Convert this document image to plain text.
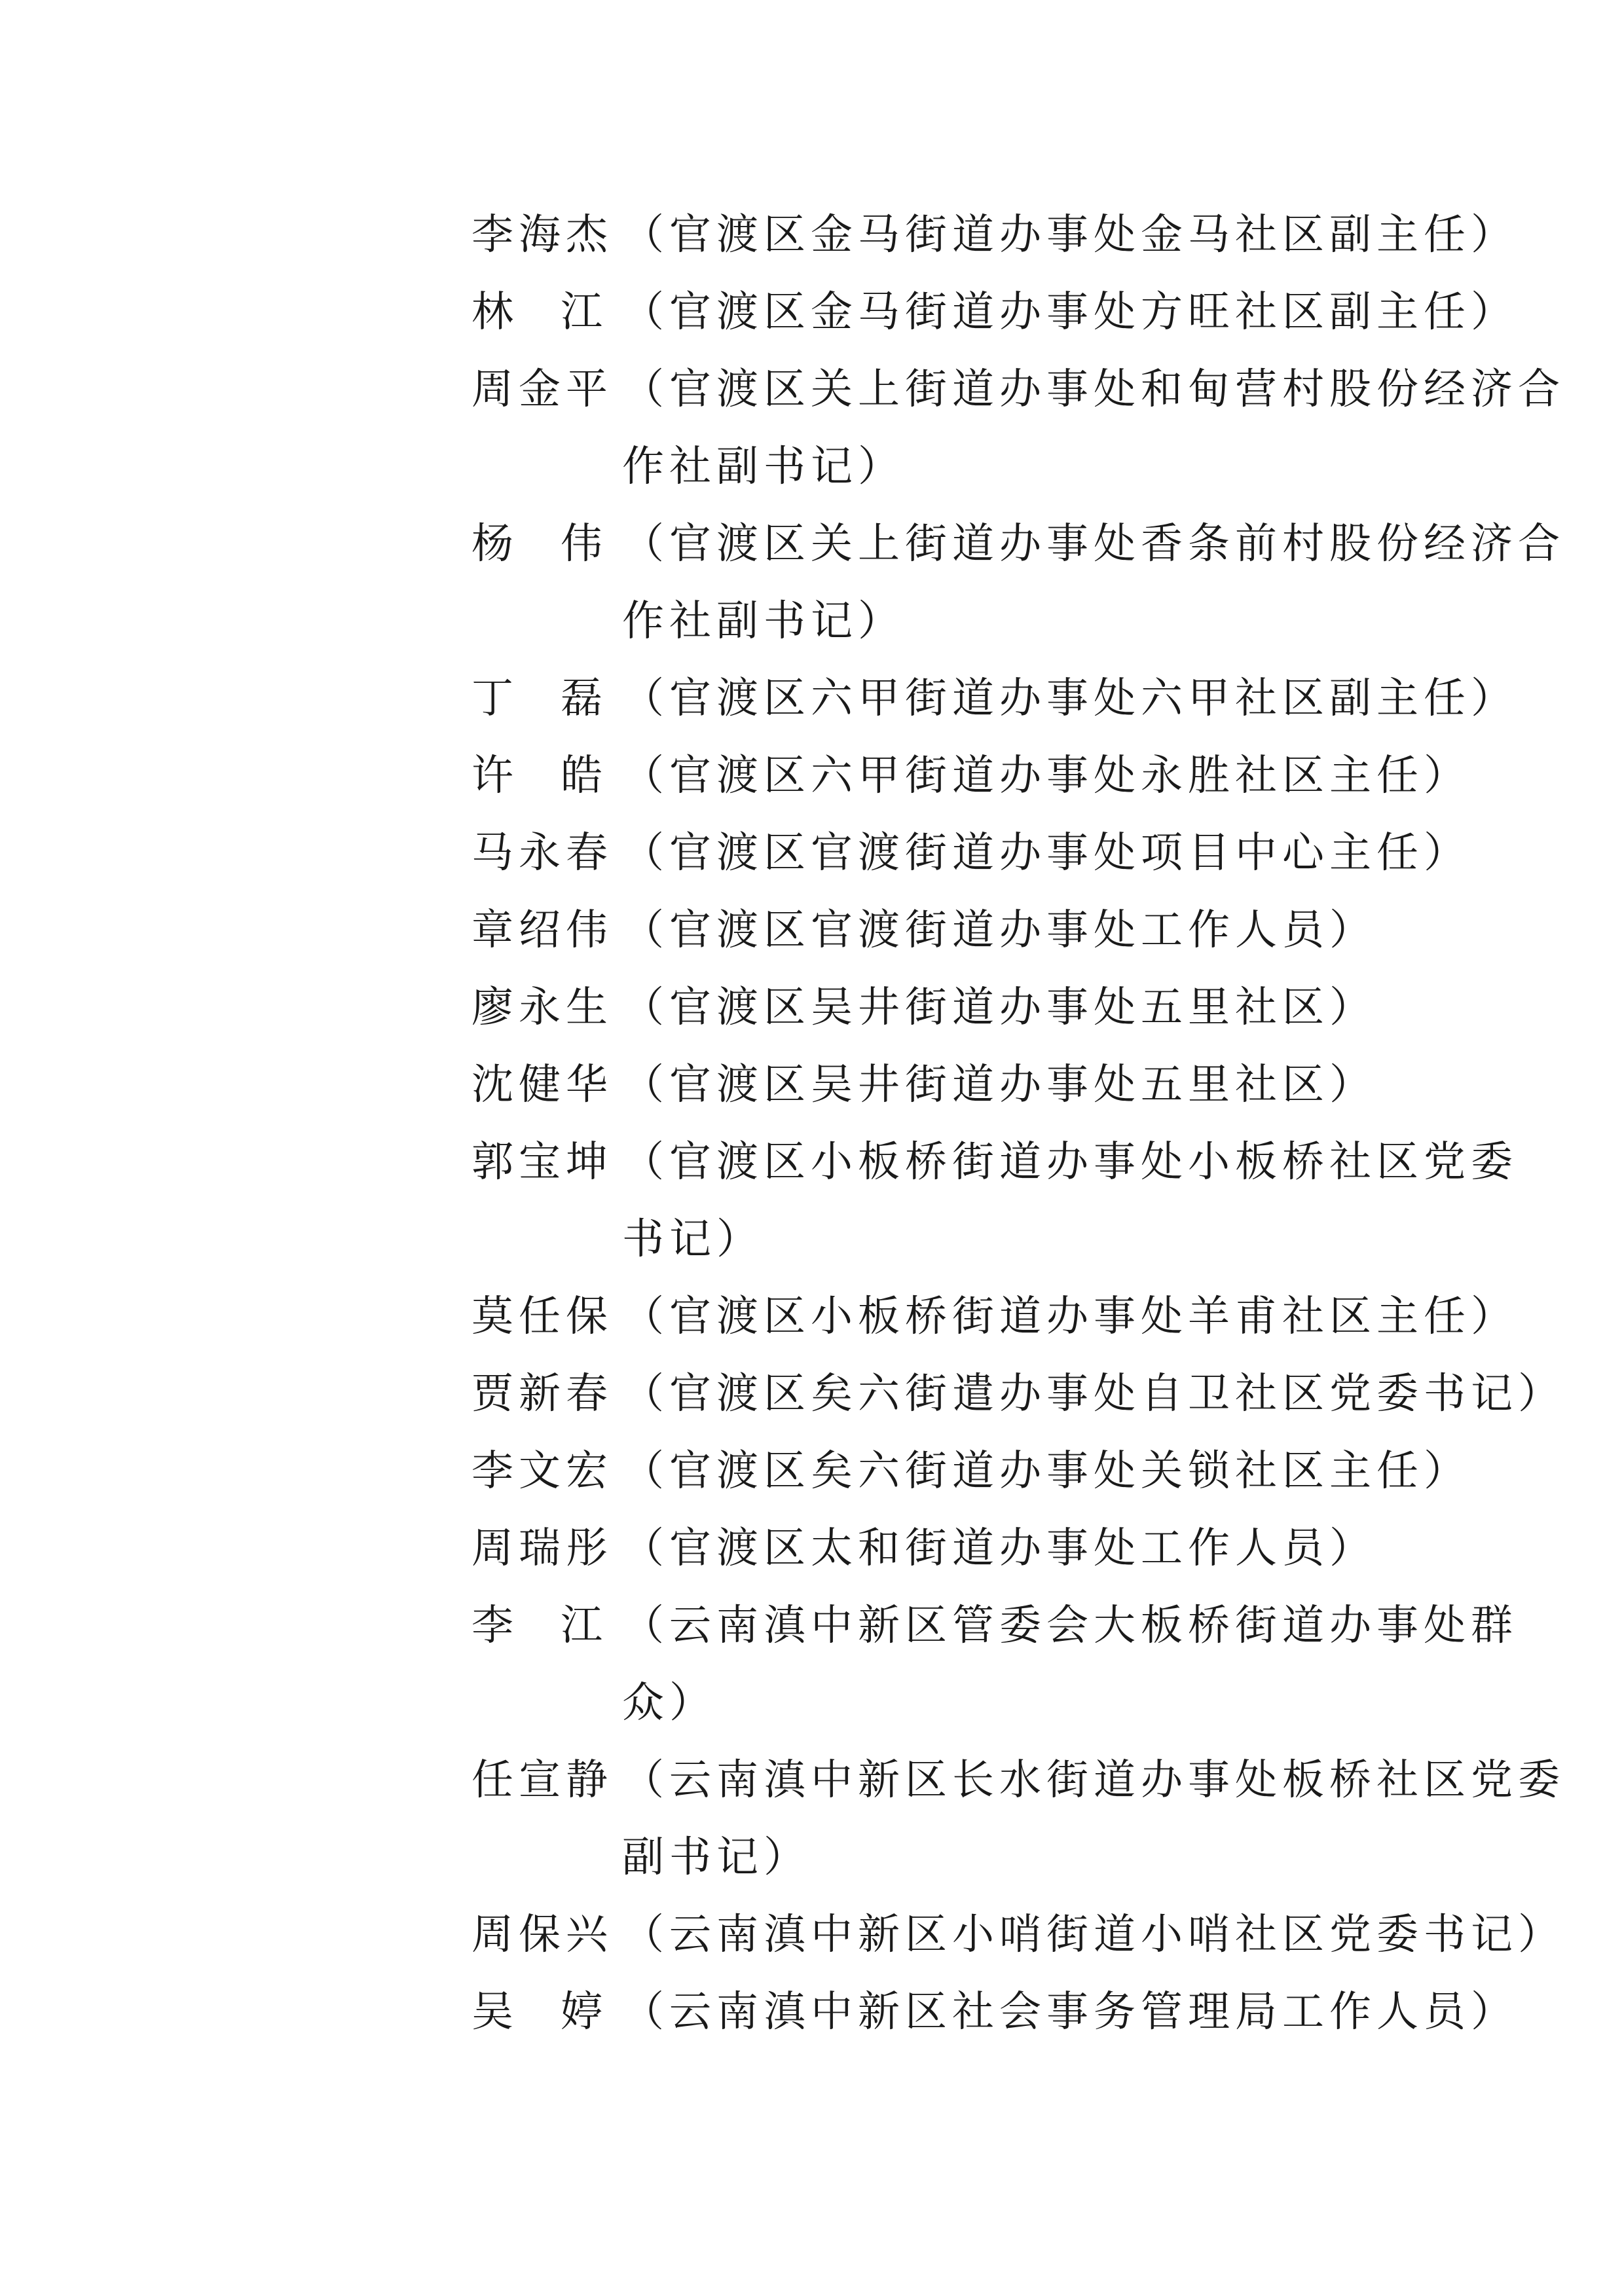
李海杰 （官渡区金马街道办事处金马社区副主任）
林江（官渡区金马街道办事处方旺社区副主任）
周金平 （官渡区关上街道办事处和甸营村股份经济合
作社副书记）
杨伟（官渡区关上街道办事处香条前村股份经济合
作社副书记）
丁磊（官渡区六甲街道办事处六甲社区副主任）
许皓（官渡区六甲街道办事处永胜社区主任）
马永春 （官渡区官渡街道办事处项目中心主任）
章绍伟 （官渡区官渡街道办事处工作人员）
廖永生 （官渡区吴井街道办事处五里社区）
沈健华 （官渡区吴井街道办事处五里社区）
郭宝坤 （官渡区小板桥街道办事处小板桥社区党委
书记）
莫任保 （官渡区小板桥街道办事处羊甫社区主任）
贾新春 （官渡区矣六街遣办事处自卫社区党委书记）
李文宏 （官渡区矣六街道办事处关锁社区主任）
周瑞彤 （官渡区太和街道办事处工作人员）
李江（云南滇中新区管委会大板桥街道办事处群
众）
任宣静 （云南滇中新区长水街道办事处板桥社区党委
副书记）
周保兴 （云南滇中新区小哨街道小哨社区党委书记）
吴婷（云南滇中新区社会事务管理局工作人员）
